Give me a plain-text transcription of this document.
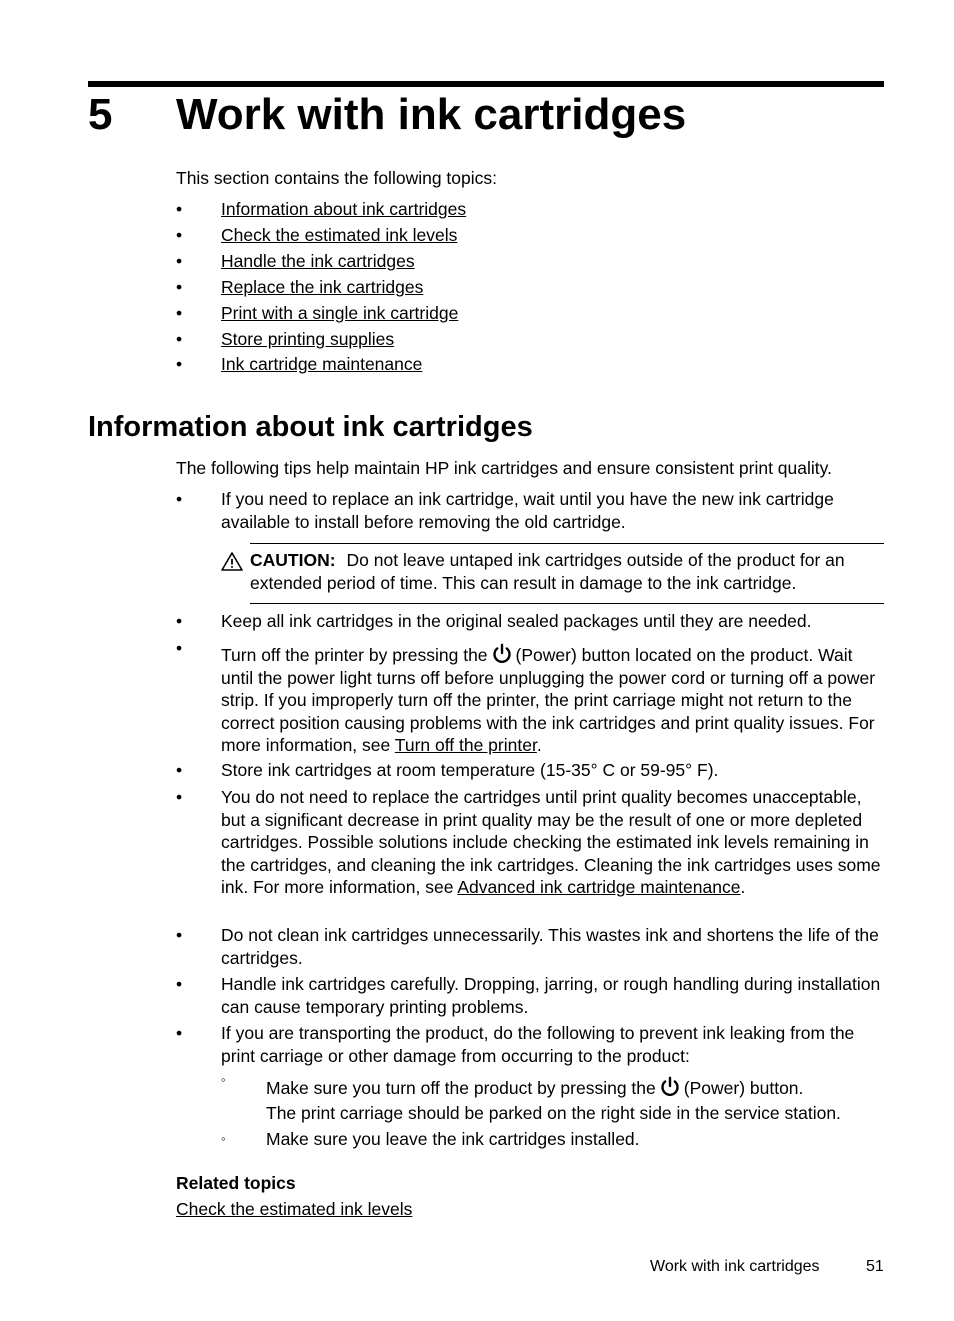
5 Work with ink cartridges
This section contains the following topics:
• Information about ink cartridges
• Check the estimated ink levels
• Handle the ink cartridges
• Replace the ink cartridges
• Print with a single ink cartridge
• Store printing supplies
• Ink cartridge maintenance
Information about ink cartridges
The following tips help maintain HP ink cartridges and ensure consistent print quality.
• If you need to replace an ink cartridge, wait until you have the new ink cartridge available to install before removing the old cartridge.
CAUTION: Do not leave untaped ink cartridges outside of the product for an extended period of time. This can result in damage to the ink cartridge.
• Keep all ink cartridges in the original sealed packages until they are needed.
• Turn off the printer by pressing the (Power) button located on the product. Wait until the power light turns off before unplugging the power cord or turning off a power strip. If you improperly turn off the printer, the print carriage might not return to the correct position causing problems with the ink cartridges and print quality issues. For more information, see Turn off the printer.
• Store ink cartridges at room temperature (15-35° C or 59-95° F).
• You do not need to replace the cartridges until print quality becomes unacceptable, but a significant decrease in print quality may be the result of one or more depleted cartridges. Possible solutions include checking the estimated ink levels remaining in the cartridges, and cleaning the ink cartridges. Cleaning the ink cartridges uses some ink. For more information, see Advanced ink cartridge maintenance.
• Do not clean ink cartridges unnecessarily. This wastes ink and shortens the life of the cartridges.
• Handle ink cartridges carefully. Dropping, jarring, or rough handling during installation can cause temporary printing problems.
• If you are transporting the product, do the following to prevent ink leaking from the print carriage or other damage from occurring to the product:
◦ Make sure you turn off the product by pressing the (Power) button.
The print carriage should be parked on the right side in the service station.
◦ Make sure you leave the ink cartridges installed.
Related topics
Check the estimated ink levels
Work with ink cartridges	51
